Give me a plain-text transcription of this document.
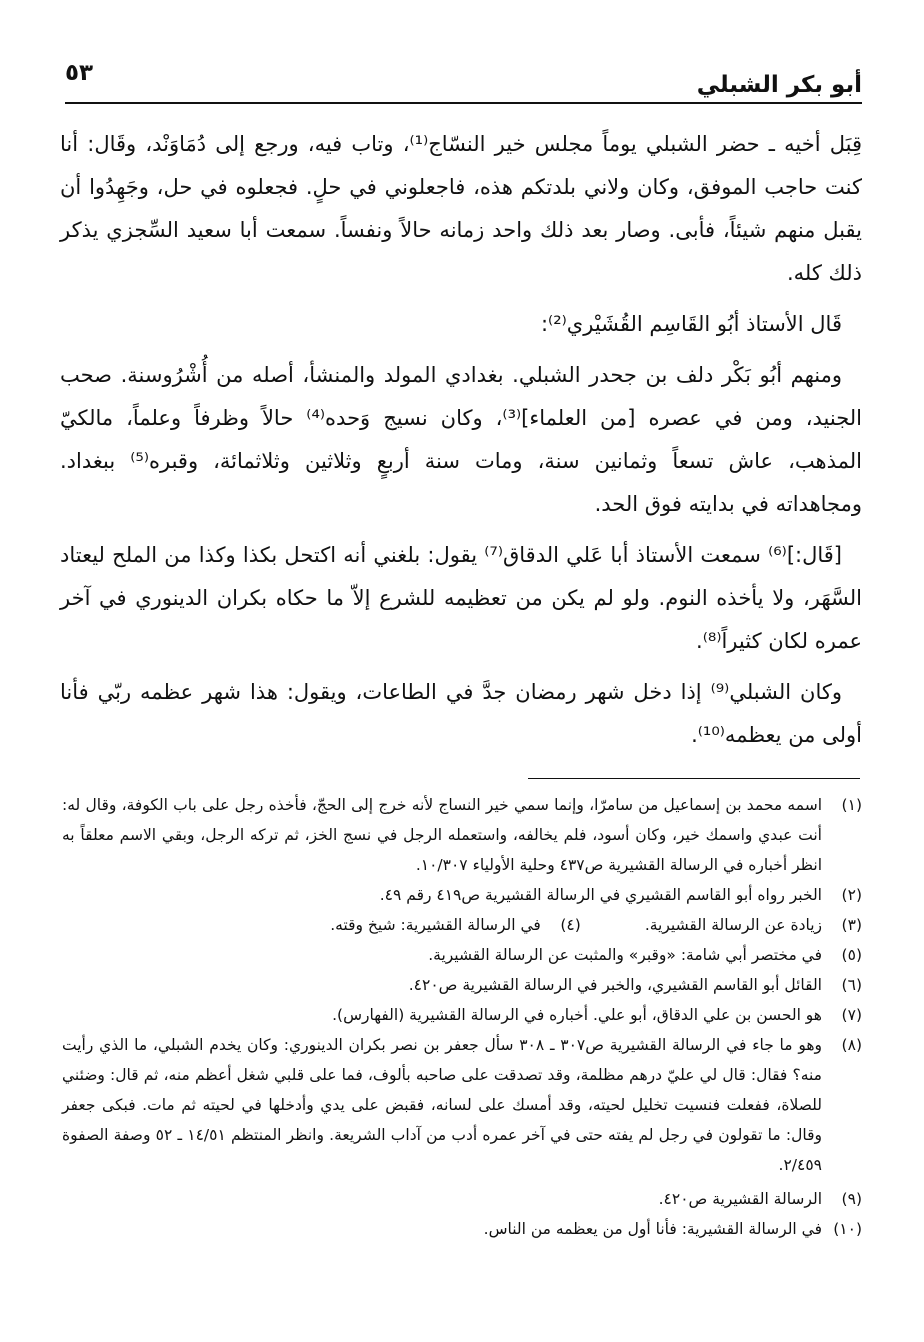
أبو بكر الشبلي
٥٣

قِبَل أخيه ـ حضر الشبلي يوماً مجلس خير النسّاج⁽¹⁾، وتاب فيه، ورجع إلى دُمَاوَنْد، وقَال: أنا كنت حاجب الموفق، وكان ولاني بلدتكم هذه، فاجعلوني في حلٍ. فجعلوه في حل، وجَهِدُوا أن يقبل منهم شيئاً، فأبى. وصار بعد ذلك واحد زمانه حالاً ونفساً. سمعت أبا سعيد السِّجزي يذكر ذلك كله.

قَال الأستاذ أبُو القَاسِم القُشَيْري⁽²⁾:

ومنهم أبُو بَكْر دلف بن جحدر الشبلي. بغدادي المولد والمنشأ، أصله من أُشْرُوسنة. صحب الجنيد، ومن في عصره [من العلماء]⁽³⁾، وكان نسيج وَحده⁽⁴⁾ حالاً وظرفاً وعلماً، مالكيّ المذهب، عاش تسعاً وثمانين سنة، ومات سنة أربعٍ وثلاثين وثلاثمائة، وقبره⁽⁵⁾ ببغداد. ومجاهداته في بدايته فوق الحد.

[قَال:]⁽⁶⁾ سمعت الأستاذ أبا عَلي الدقاق⁽⁷⁾ يقول: بلغني أنه اكتحل بكذا وكذا من الملح ليعتاد السَّهَر، ولا يأخذه النوم. ولو لم يكن من تعظيمه للشرع إلاّ ما حكاه بكران الدينوري في آخر عمره لكان كثيراً⁽⁸⁾.

وكان الشبلي⁽⁹⁾ إذا دخل شهر رمضان جدَّ في الطاعات، ويقول: هذا شهر عظمه ربّي فأنا أولى من يعظمه⁽¹⁰⁾.

(١)
اسمه محمد بن إسماعيل من سامرّا، وإنما سمي خير النساج لأنه خرج إلى الحجّ، فأخذه رجل على باب الكوفة، وقال له: أنت عبدي واسمك خير، وكان أسود، فلم يخالفه، واستعمله الرجل في نسج الخز، ثم تركه الرجل، وبقي الاسم معلقاً به انظر أخباره في الرسالة القشيرية ص٤٣٧ وحلية الأولياء ١٠/٣٠٧.
(٢)
الخبر رواه أبو القاسم القشيري في الرسالة القشيرية ص٤١٩ رقم ٤٩.
(٣)
زيادة عن الرسالة القشيرية.
(٤)
في الرسالة القشيرية: شيخ وقته.
(٥)
في مختصر أبي شامة: «وقبر» والمثبت عن الرسالة القشيرية.
(٦)
القائل أبو القاسم القشيري، والخبر في الرسالة القشيرية ص٤٢٠.
(٧)
هو الحسن بن علي الدقاق، أبو علي. أخباره في الرسالة القشيرية (الفهارس).
(٨)
وهو ما جاء في الرسالة القشيرية ص٣٠٧ ـ ٣٠٨ سأل جعفر بن نصر بكران الدينوري: وكان يخدم الشبلي، ما الذي رأيت منه؟ فقال: قال لي عليّ درهم مظلمة، وقد تصدقت على صاحبه بألوف، فما على قلبي شغل أعظم منه، ثم قال: وضئني للصلاة، ففعلت فنسيت تخليل لحيته، وقد أمسك على لسانه، فقبض على يدي وأدخلها في لحيته ثم مات. فبكى جعفر وقال: ما تقولون في رجل لم يفته حتى في آخر عمره أدب من آداب الشريعة. وانظر المنتظم ١٤/٥١ ـ ٥٢ وصفة الصفوة ٢/٤٥٩.
(٩)
الرسالة القشيرية ص٤٢٠.
(١٠)
في الرسالة القشيرية: فأنا أول من يعظمه من الناس.
